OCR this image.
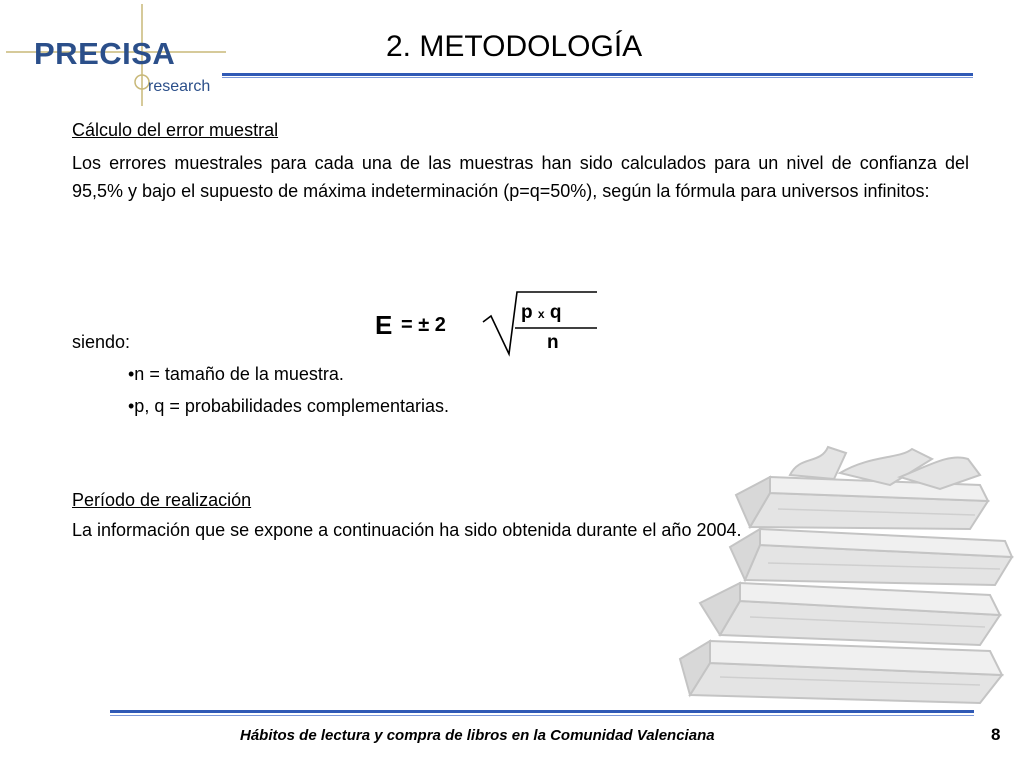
PRECISA
research
2. METODOLOGÍA
Cálculo del error muestral
Los errores muestrales para cada una de las muestras han sido calculados para un nivel de confianza del 95,5% y bajo el supuesto de máxima indeterminación (p=q=50%), según la fórmula para universos infinitos:
E = ± 2
p x q
n
siendo:
•n = tamaño de la muestra.
•p, q = probabilidades complementarias.
Período de realización
La información que se expone a continuación ha sido obtenida durante el año 2004.
Hábitos de lectura y compra de libros en la Comunidad Valenciana	8
